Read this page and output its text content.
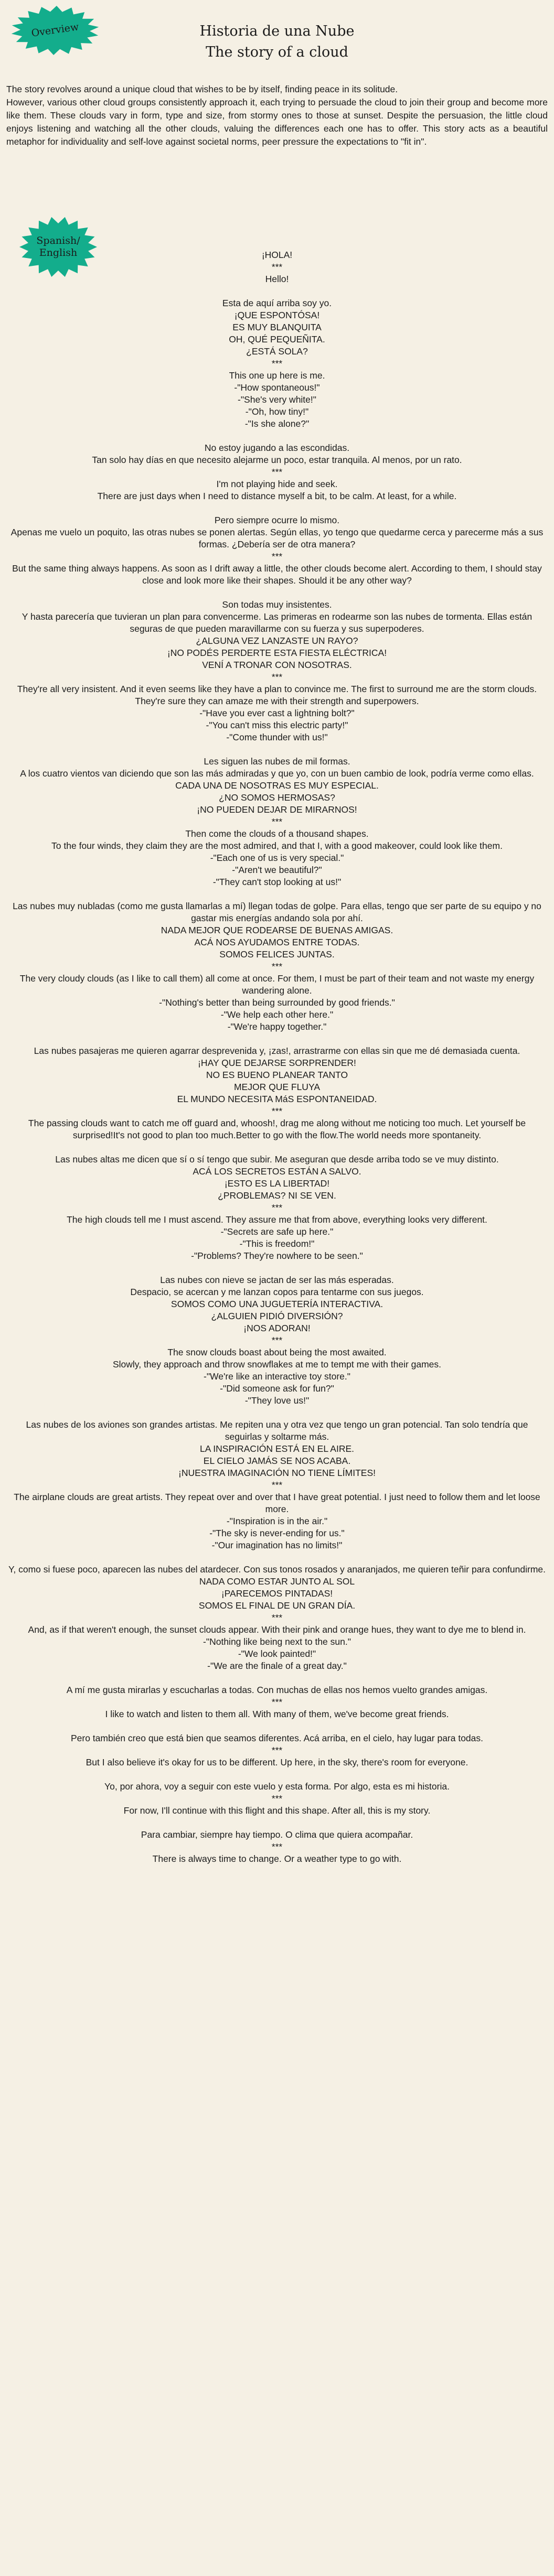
Overview	Historia de una Nube
The story of a cloud
The story revolves around a unique cloud that wishes to be by itself, finding peace in its solitude.
However, various other cloud groups consistently approach it, each trying to persuade the cloud to join their group and become more like them. These clouds vary in form, type and size, from stormy ones to those at sunset. Despite the persuasion, the little cloud enjoys listening and watching all the other clouds, valuing the differences each one has to offer. This story acts as a beautiful metaphor for individuality and self-love against societal norms, peer pressure the expectations to "fit in".
Spanish/
English	¡HOLA!
***
Hello!
Esta de aquí arriba soy yo.
¡QUE ESPONTÓSA!
ES MUY BLANQUITA
OH, QUÉ PEQUEÑITA.
¿ESTÁ SOLA?
***
This one up here is me.
-"How spontaneous!"
-"She's very white!"
-"Oh, how tiny!"
-"Is she alone?"
No estoy jugando a las escondidas.
Tan solo hay días en que necesito alejarme un poco, estar tranquila. Al menos, por un rato.
***
I'm not playing hide and seek.
There are just days when I need to distance myself a bit, to be calm. At least, for a while.
Pero siempre ocurre lo mismo.
Apenas me vuelo un poquito, las otras nubes se ponen alertas. Según ellas, yo tengo que quedarme cerca y parecerme más a sus formas. ¿Debería ser de otra manera?
***
But the same thing always happens. As soon as I drift away a little, the other clouds become alert. According to them, I should stay close and look more like their shapes. Should it be any other way?
Son todas muy insistentes.
Y hasta parecería que tuvieran un plan para convencerme. Las primeras en rodearme son las nubes de tormenta. Ellas están seguras de que pueden maravillarme con su fuerza y sus superpoderes.
¿ALGUNA VEZ LANZASTE UN RAYO?
¡NO PODÉS PERDERTE ESTA FIESTA ELÉCTRICA!
VENÍ A TRONAR CON NOSOTRAS.
***
They're all very insistent. And it even seems like they have a plan to convince me. The first to surround me are the storm clouds. They're sure they can amaze me with their strength and superpowers.
-"Have you ever cast a lightning bolt?"
-"You can't miss this electric party!"
-"Come thunder with us!"
Les siguen las nubes de mil formas.
A los cuatro vientos van diciendo que son las más admiradas y que yo, con un buen cambio de look, podría verme como ellas.
CADA UNA DE NOSOTRAS ES MUY ESPECIAL.
¿NO SOMOS HERMOSAS?
¡NO PUEDEN DEJAR DE MIRARNOS!
***
Then come the clouds of a thousand shapes.
To the four winds, they claim they are the most admired, and that I, with a good makeover, could look like them.
-"Each one of us is very special."
-"Aren't we beautiful?"
-"They can't stop looking at us!"
Las nubes muy nubladas (como me gusta llamarlas a mí) llegan todas de golpe. Para ellas, tengo que ser parte de su equipo y no gastar mis energías andando sola por ahí.
NADA MEJOR QUE RODEARSE DE BUENAS AMIGAS.
ACÁ NOS AYUDAMOS ENTRE TODAS.
SOMOS FELICES JUNTAS.
***
The very cloudy clouds (as I like to call them) all come at once. For them, I must be part of their team and not waste my energy wandering alone.
-"Nothing's better than being surrounded by good friends."
-"We help each other here."
-"We're happy together."
Las nubes pasajeras me quieren agarrar desprevenida y, ¡zas!, arrastrarme con ellas sin que me dé demasiada cuenta.
¡HAY QUE DEJARSE SORPRENDER!
NO ES BUENO PLANEAR TANTO
MEJOR QUE FLUYA
EL MUNDO NECESITA MáS ESPONTANEIDAD.
***
The passing clouds want to catch me off guard and, whoosh!, drag me along without me noticing too much. Let yourself be surprised!It's not good to plan too much.Better to go with the flow.The world needs more spontaneity.
Las nubes altas me dicen que sí o sí tengo que subir. Me aseguran que desde arriba todo se ve muy distinto.
ACÁ LOS SECRETOS ESTÁN A SALVO.
¡ESTO ES LA LIBERTAD!
¿PROBLEMAS? NI SE VEN.
***
The high clouds tell me I must ascend. They assure me that from above, everything looks very different.
-"Secrets are safe up here."
-"This is freedom!"
-"Problems? They're nowhere to be seen."
Las nubes con nieve se jactan de ser las más esperadas.
Despacio, se acercan y me lanzan copos para tentarme con sus juegos.
SOMOS COMO UNA JUGUETERÍA INTERACTIVA.
¿ALGUIEN PIDIÓ DIVERSIÓN?
¡NOS ADORAN!
***
The snow clouds boast about being the most awaited.
Slowly, they approach and throw snowflakes at me to tempt me with their games.
-"We're like an interactive toy store."
-"Did someone ask for fun?"
-"They love us!"
Las nubes de los aviones son grandes artistas. Me repiten una y otra vez que tengo un gran potencial. Tan solo tendría que seguirlas y soltarme más.
LA INSPIRACIÓN ESTÁ EN EL AIRE.
EL CIELO JAMÁS SE NOS ACABA.
¡NUESTRA IMAGINACIÓN NO TIENE LÍMITES!
***
The airplane clouds are great artists. They repeat over and over that I have great potential. I just need to follow them and let loose more.
-"Inspiration is in the air."
-"The sky is never-ending for us."
-"Our imagination has no limits!"
Y, como si fuese poco, aparecen las nubes del atardecer. Con sus tonos rosados y anaranjados, me quieren teñir para confundirme.
NADA COMO ESTAR JUNTO AL SOL
¡PARECEMOS PINTADAS!
SOMOS EL FINAL DE UN GRAN DÍA.
***
And, as if that weren't enough, the sunset clouds appear. With their pink and orange hues, they want to dye me to blend in.
-"Nothing like being next to the sun."
-"We look painted!"
-"We are the finale of a great day."
A mí me gusta mirarlas y escucharlas a todas. Con muchas de ellas nos hemos vuelto grandes amigas.
***
I like to watch and listen to them all. With many of them, we've become great friends.
Pero también creo que está bien que seamos diferentes. Acá arriba, en el cielo, hay lugar para todas.
***
But I also believe it's okay for us to be different. Up here, in the sky, there's room for everyone.
Yo, por ahora, voy a seguir con este vuelo y esta forma. Por algo, esta es mi historia.
***
For now, I'll continue with this flight and this shape. After all, this is my story.
Para cambiar, siempre hay tiempo. O clima que quiera acompañar.
***
There is always time to change. Or a weather type to go with.
